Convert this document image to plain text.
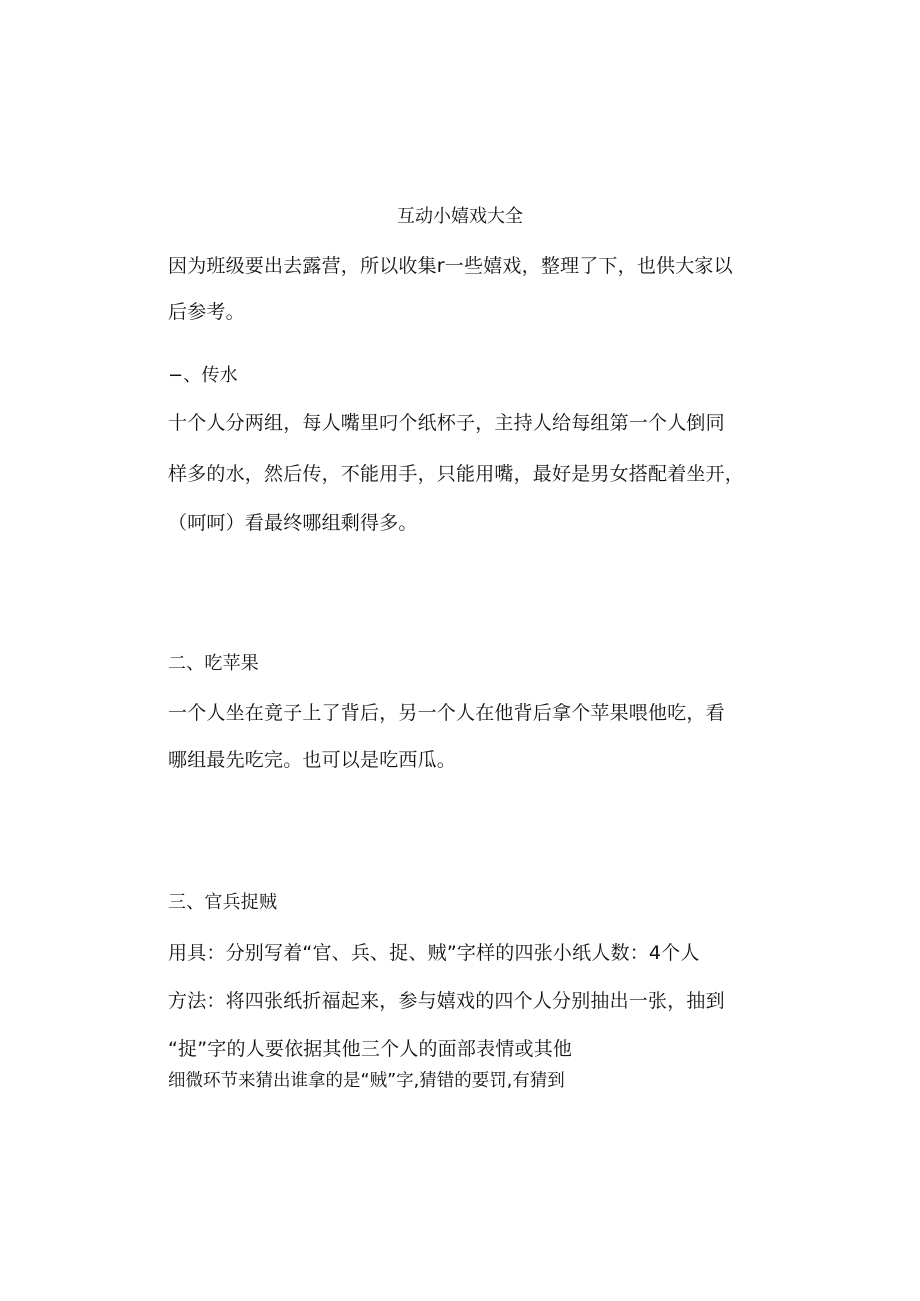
互动小嬉戏大全
因为班级要出去露营，所以收集r一些嬉戏，整理了下，也供大家以
后参考。
−、传水
十个人分两组，每人嘴里叼个纸杯子，主持人给每组第一个人倒同
样多的水，然后传，不能用手，只能用嘴，最好是男女搭配着坐开，
（呵呵）看最终哪组剩得多。
二、吃苹果
一个人坐在竟子上了背后，另一个人在他背后拿个苹果喂他吃，看
哪组最先吃完。也可以是吃西瓜。
三、官兵捉贼
用具：分别写着“官、兵、捉、贼”字样的四张小纸人数：4个人
方法：将四张纸折福起来，参与嬉戏的四个人分别抽出一张，抽到
“捉”字的人要依据其他三个人的面部表情或其他
细微环节来猜出谁拿的是“贼”字,猜错的要罚,有猜到
